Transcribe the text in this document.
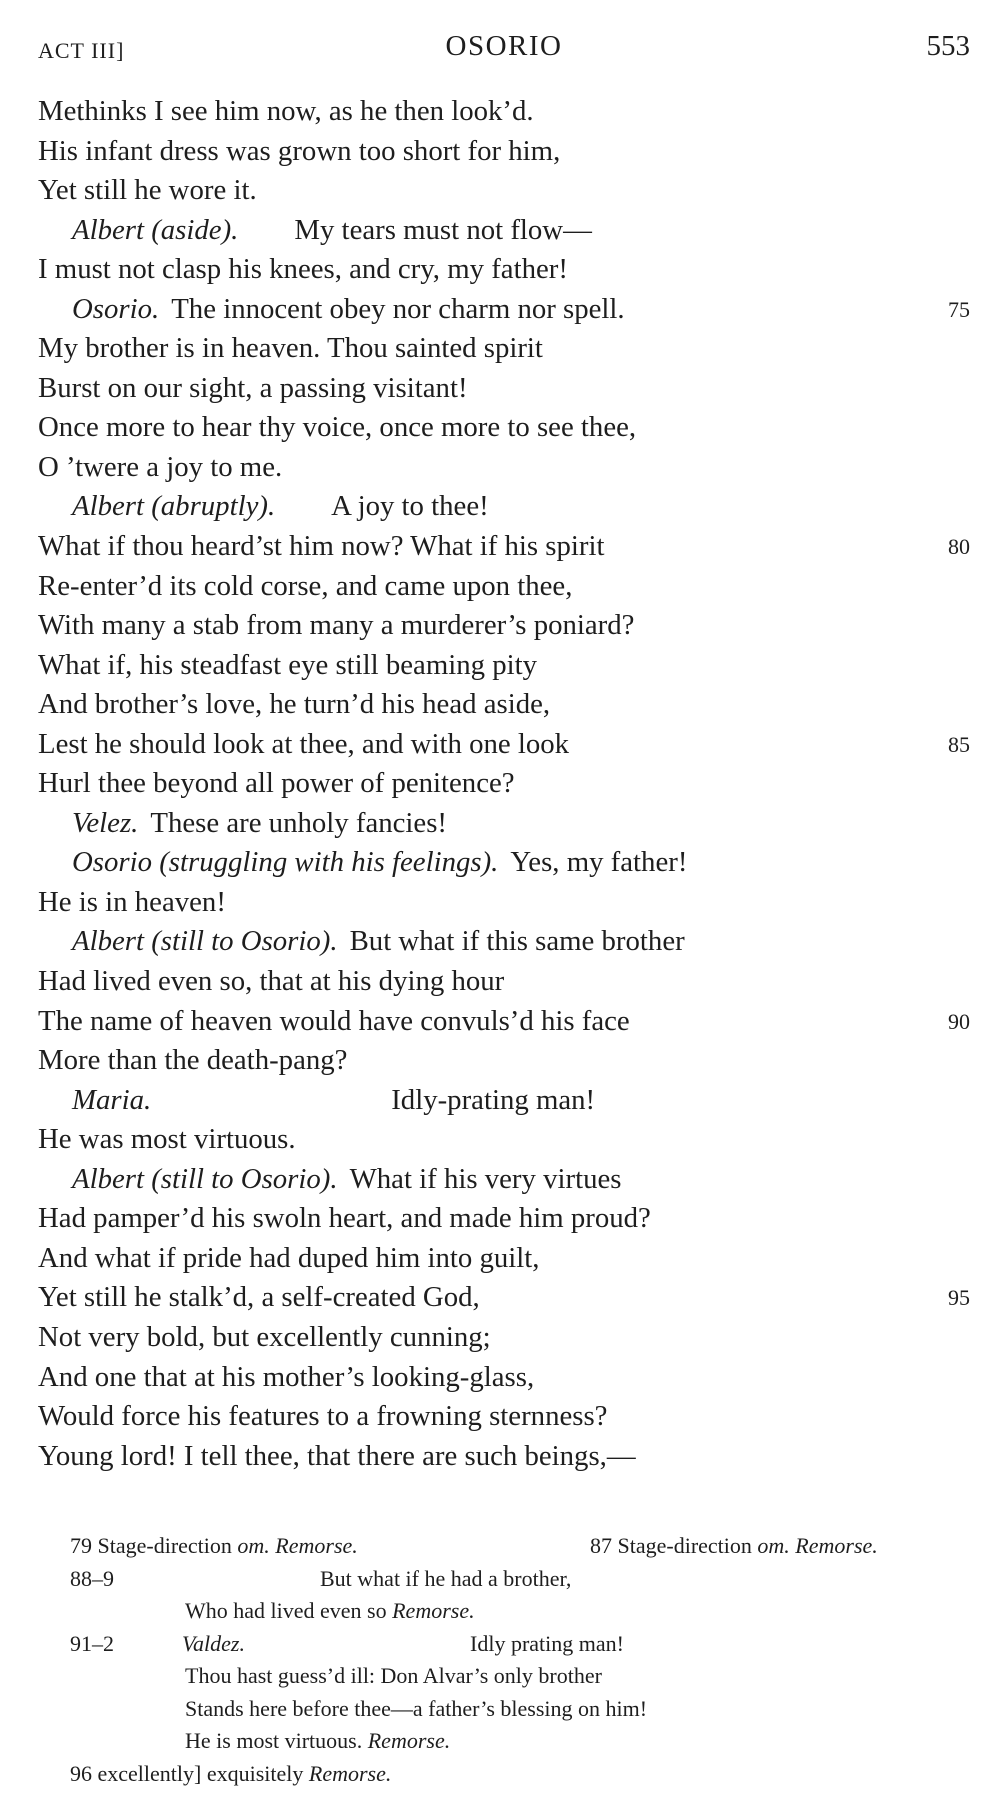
ACT III]	OSORIO	553
Methinks I see him now, as he then look’d.
His infant dress was grown too short for him,
Yet still he wore it.
Albert (aside). My tears must not flow—
I must not clasp his knees, and cry, my father!
Osorio. The innocent obey nor charm nor spell.	75
My brother is in heaven. Thou sainted spirit
Burst on our sight, a passing visitant!
Once more to hear thy voice, once more to see thee,
O ’twere a joy to me.
Albert (abruptly). A joy to thee!
What if thou heard’st him now? What if his spirit	80
Re-enter’d its cold corse, and came upon thee,
With many a stab from many a murderer’s poniard?
What if, his steadfast eye still beaming pity
And brother’s love, he turn’d his head aside,
Lest he should look at thee, and with one look	85
Hurl thee beyond all power of penitence?
Velez. These are unholy fancies!
Osorio (struggling with his feelings). Yes, my father!
He is in heaven!
Albert (still to Osorio). But what if this same brother
Had lived even so, that at his dying hour
The name of heaven would have convuls’d his face	90
More than the death-pang?
Maria.	Idly-prating man!
He was most virtuous.
Albert (still to Osorio). What if his very virtues
Had pamper’d his swoln heart, and made him proud?
And what if pride had duped him into guilt,
Yet still he stalk’d, a self-created God,	95
Not very bold, but excellently cunning;
And one that at his mother’s looking-glass,
Would force his features to a frowning sternness?
Young lord! I tell thee, that there are such beings,—
79 Stage-direction om. Remorse.	87 Stage-direction om. Remorse.
88–9	But what if he had a brother,
Who had lived even so Remorse.
91–2	Valdez.	Idly prating man!
Thou hast guess’d ill: Don Alvar’s only brother
Stands here before thee—a father’s blessing on him!
He is most virtuous. Remorse.
96 excellently] exquisitely Remorse.
